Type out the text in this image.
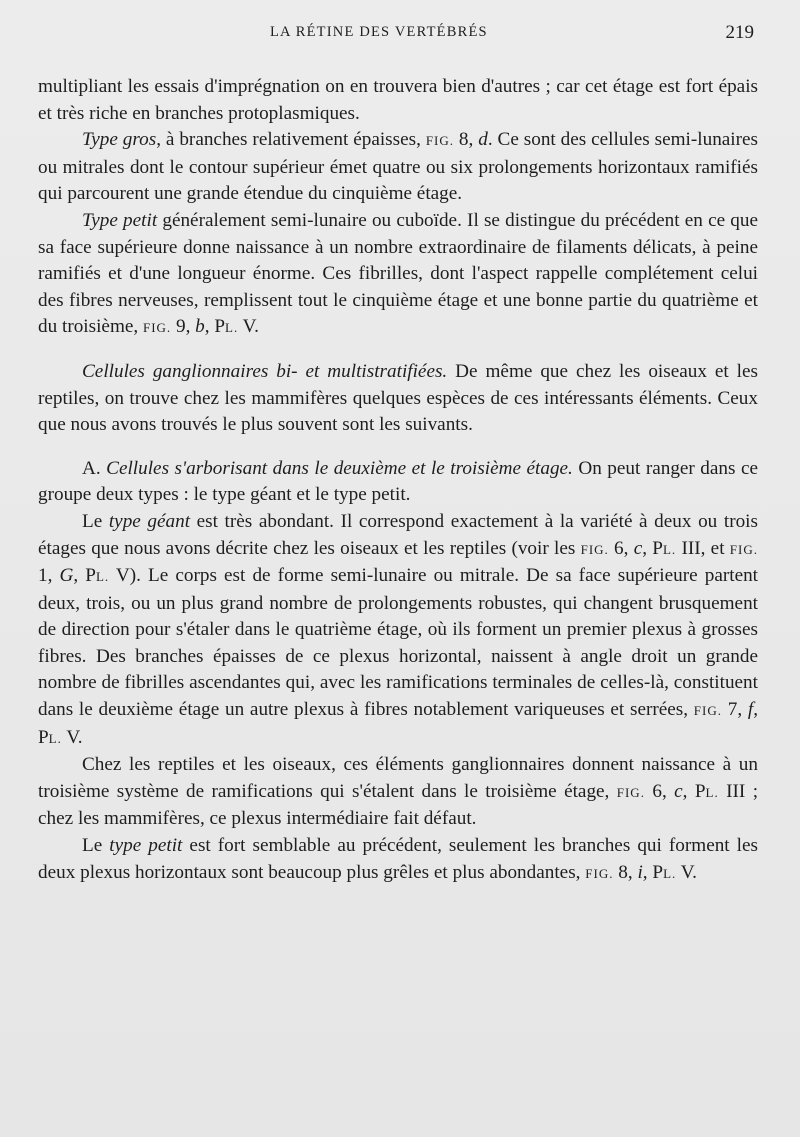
LA RÉTINE DES VERTÉBRÉS	219

multipliant les essais d'imprégnation on en trouvera bien d'autres ; car cet étage est fort épais et très riche en branches protoplasmiques.

Type gros, à branches relativement épaisses, FIG. 8, d. Ce sont des cellules semi-lunaires ou mitrales dont le contour supérieur émet quatre ou six prolongements horizontaux ramifiés qui parcourent une grande étendue du cinquième étage.

Type petit généralement semi-lunaire ou cuboïde. Il se distingue du précédent en ce que sa face supérieure donne naissance à un nombre extraordinaire de filaments délicats, à peine ramifiés et d'une longueur énorme. Ces fibrilles, dont l'aspect rappelle complétement celui des fibres nerveuses, remplissent tout le cinquième étage et une bonne partie du quatrième et du troisième, FIG. 9, b, PL. V.

Cellules ganglionnaires bi- et multistratifiées. De même que chez les oiseaux et les reptiles, on trouve chez les mammifères quelques espèces de ces intéressants éléments. Ceux que nous avons trouvés le plus souvent sont les suivants.

A. Cellules s'arborisant dans le deuxième et le troisième étage. On peut ranger dans ce groupe deux types : le type géant et le type petit.

Le type géant est très abondant. Il correspond exactement à la variété à deux ou trois étages que nous avons décrite chez les oiseaux et les reptiles (voir les FIG. 6, c, PL. III, et FIG. 1, G, PL. V). Le corps est de forme semi-lunaire ou mitrale. De sa face supérieure partent deux, trois, ou un plus grand nombre de prolongements robustes, qui changent brusquement de direction pour s'étaler dans le quatrième étage, où ils forment un premier plexus à grosses fibres. Des branches épaisses de ce plexus horizontal, naissent à angle droit un grande nombre de fibrilles ascendantes qui, avec les ramifications terminales de celles-là, constituent dans le deuxième étage un autre plexus à fibres notablement variqueuses et serrées, FIG. 7, f, PL. V.

Chez les reptiles et les oiseaux, ces éléments ganglionnaires donnent naissance à un troisième système de ramifications qui s'étalent dans le troisième étage, FIG. 6, c, PL. III ; chez les mammifères, ce plexus intermédiaire fait défaut.

Le type petit est fort semblable au précédent, seulement les branches qui forment les deux plexus horizontaux sont beaucoup plus grêles et plus abondantes, FIG. 8, i, PL. V.
